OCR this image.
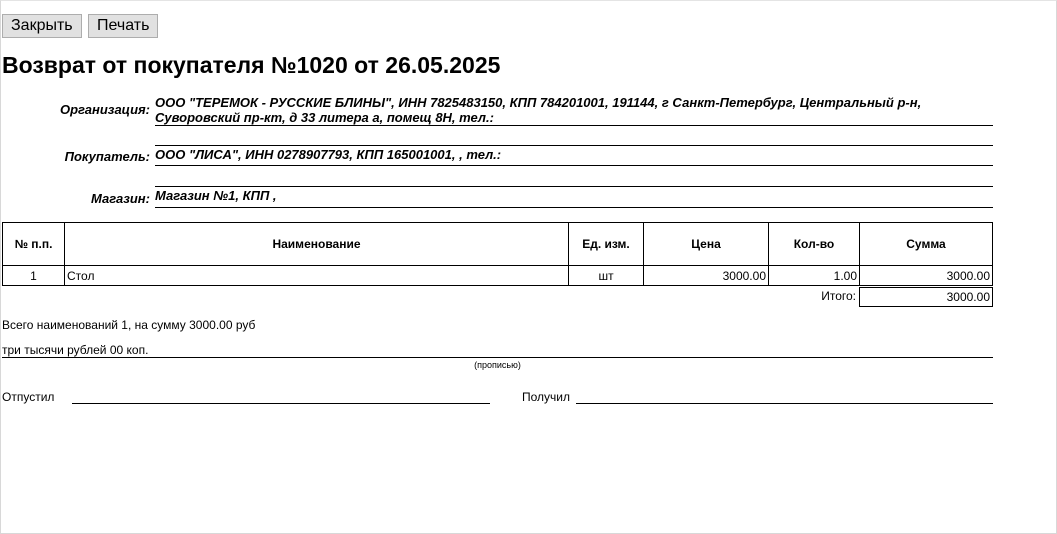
Закрыть	Печать
Возврат от покупателя №1020 от 26.05.2025
Организация: ООО "ТЕРЕМОК - РУССКИЕ БЛИНЫ", ИНН 7825483150, КПП 784201001, 191144, г Санкт-Петербург, Центральный р-н,
Суворовский пр-кт, д 33 литера а, помещ 8Н, тел.:
Покупатель: ООО "ЛИСА", ИНН 0278907793, КПП 165001001, , тел.:
Магазин: Магазин №1, КПП ,
№ п.п.	Наименование	Ед. изм.	Цена	Кол-во	Сумма
1	Стол	шт	3000.00	1.00	3000.00
Итого:	3000.00
Всего наименований 1, на сумму 3000.00 руб
три тысячи рублей 00 коп.
(прописью)
Отпустил	Получил
